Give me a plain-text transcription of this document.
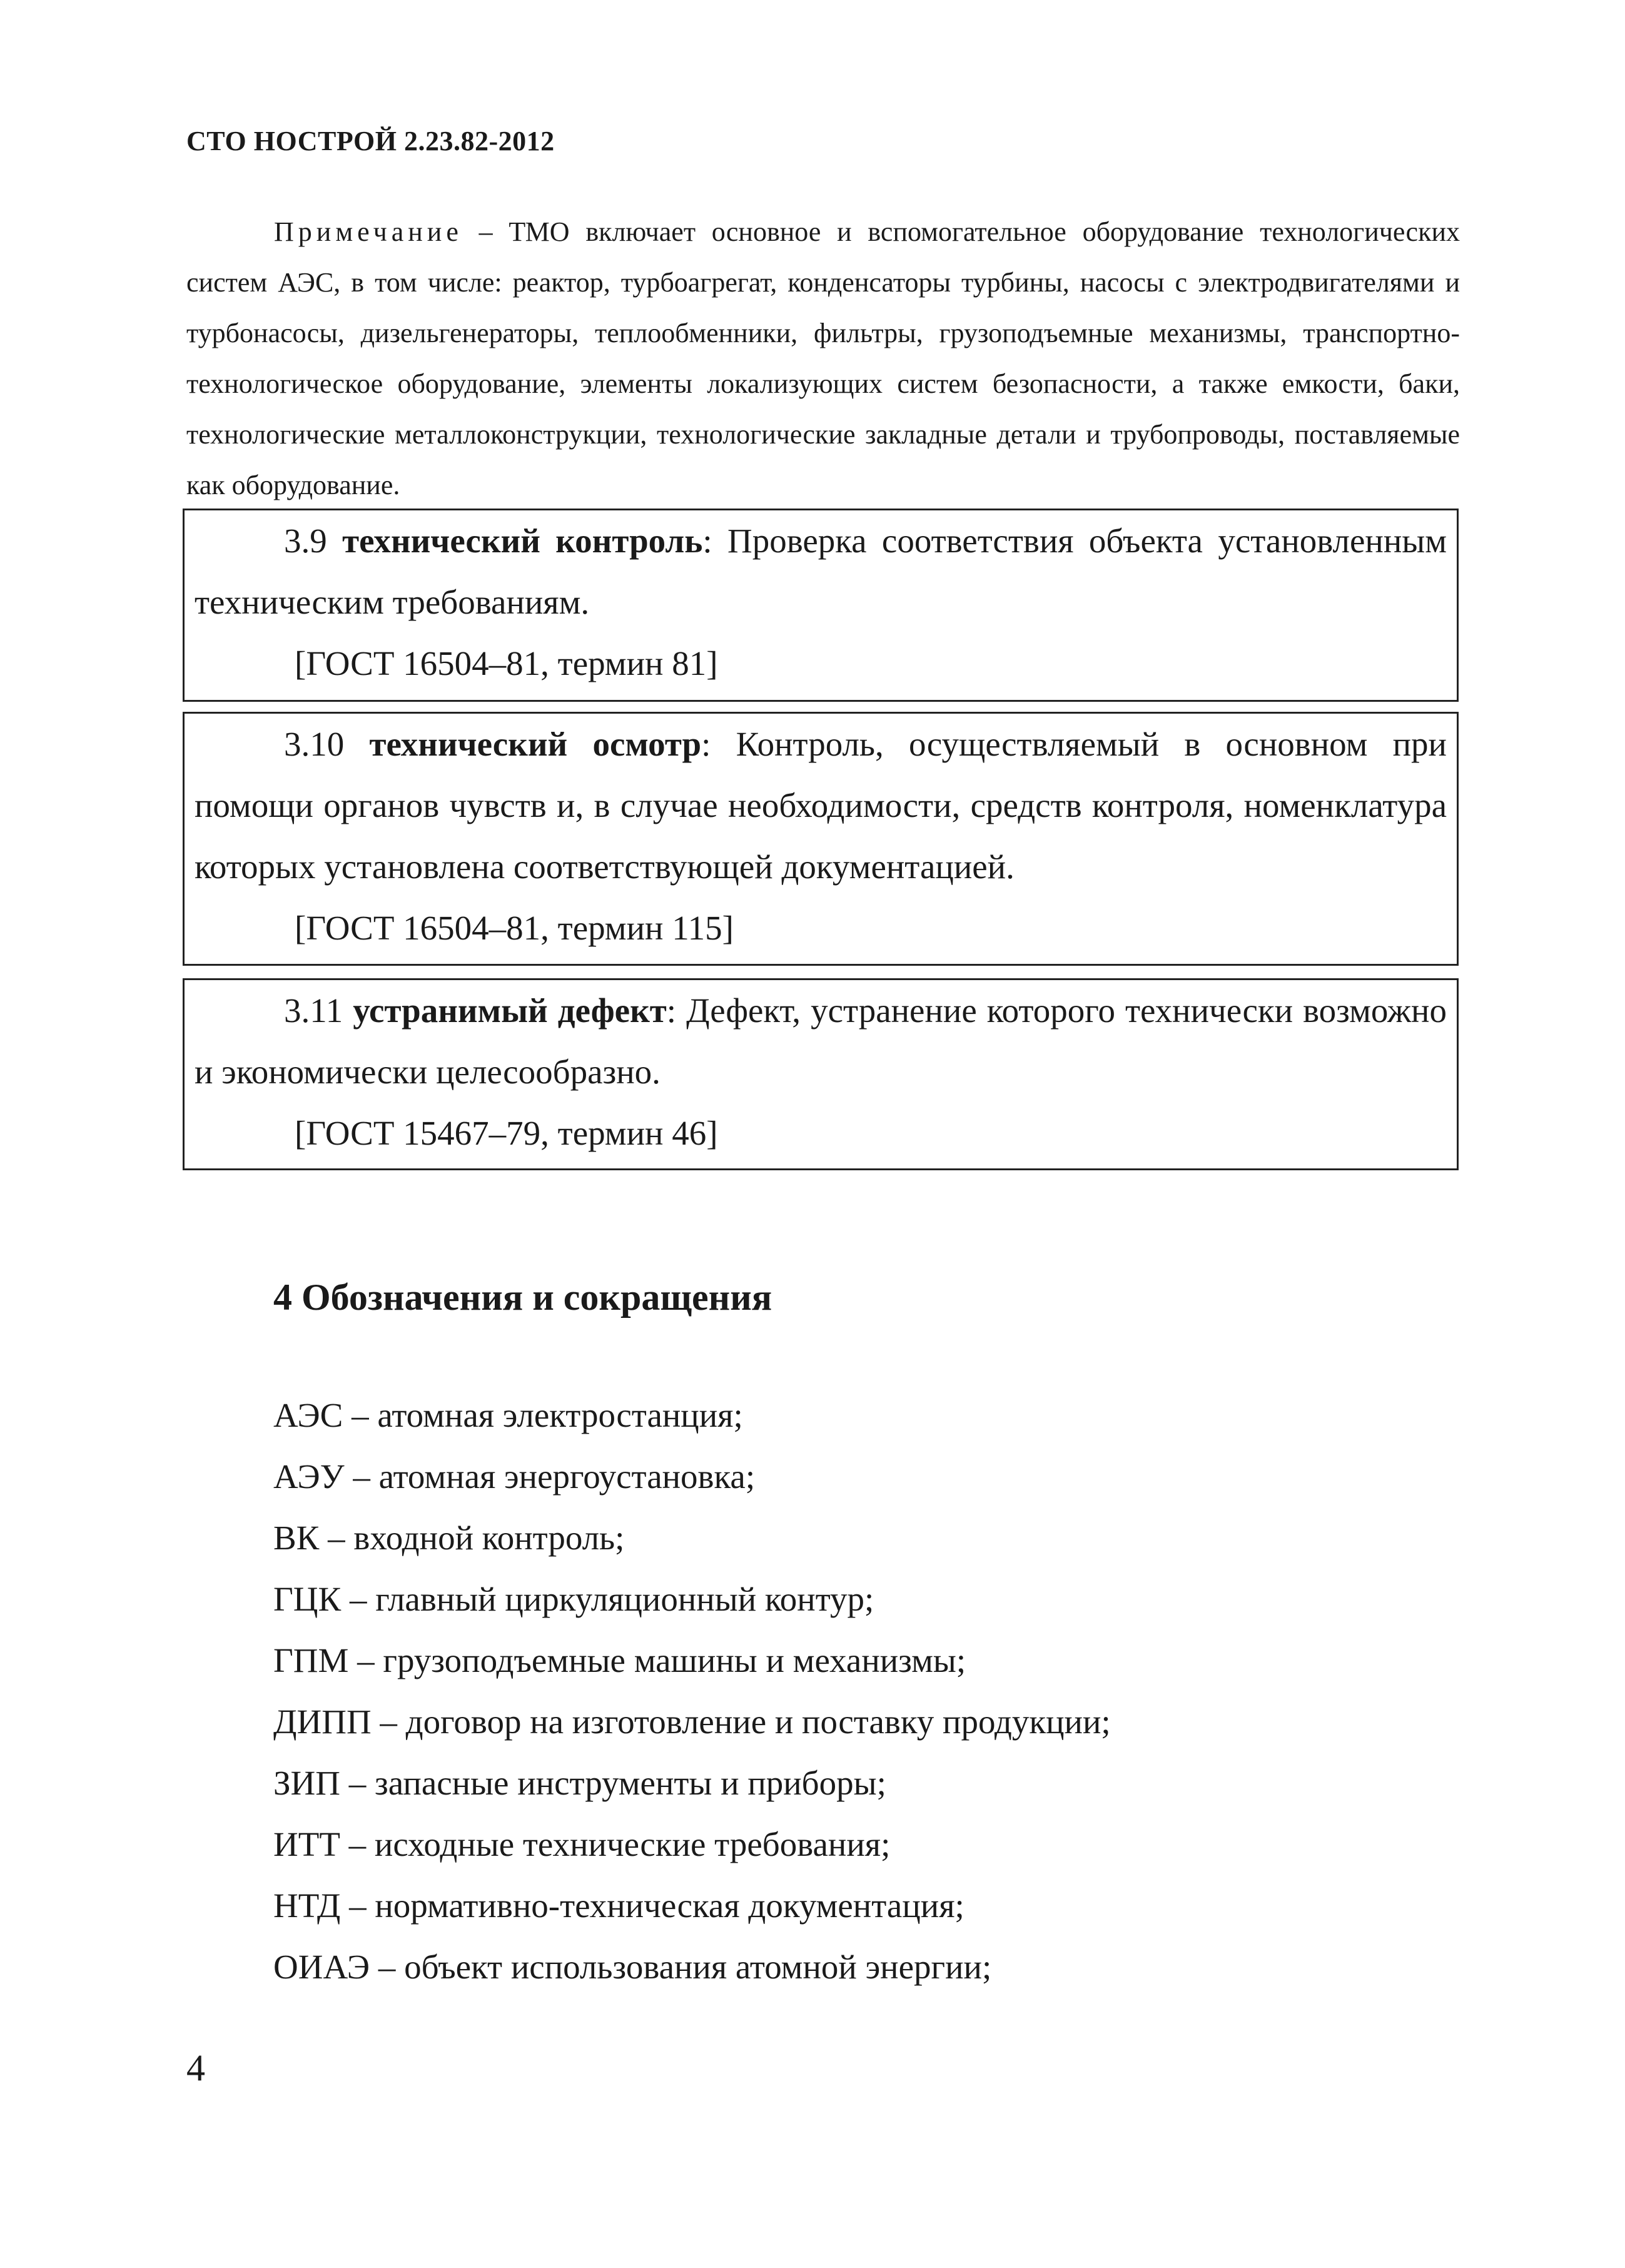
СТО НОСТРОЙ 2.23.82-2012
Примечание – ТМО включает основное и вспомогательное оборудование технологических систем АЭС, в том числе: реактор, турбоагрегат, конденсаторы турбины, насосы с электродвигателями и турбонасосы, дизельгенераторы, теплообменники, фильтры, грузоподъемные механизмы, транспортно-технологическое оборудование, элементы локализующих систем безопасности, а также емкости, баки, технологические металлоконструкции, технологические закладные детали и трубопроводы, поставляемые как оборудование.
3.9 технический контроль: Проверка соответствия объекта установленным техническим требованиям.
[ГОСТ 16504–81, термин 81]
3.10 технический осмотр: Контроль, осуществляемый в основном при помощи органов чувств и, в случае необходимости, средств контроля, номенклатура которых установлена соответствующей документацией.
[ГОСТ 16504–81, термин 115]
3.11 устранимый дефект: Дефект, устранение которого технически возможно и экономически целесообразно.
[ГОСТ 15467–79, термин 46]
4 Обозначения и сокращения
АЭС – атомная электростанция;
АЭУ – атомная энергоустановка;
ВК – входной контроль;
ГЦК – главный циркуляционный контур;
ГПМ – грузоподъемные машины и механизмы;
ДИПП – договор на изготовление и поставку продукции;
ЗИП – запасные инструменты и приборы;
ИТТ – исходные технические требования;
НТД – нормативно-техническая документация;
ОИАЭ – объект использования атомной энергии;
4
